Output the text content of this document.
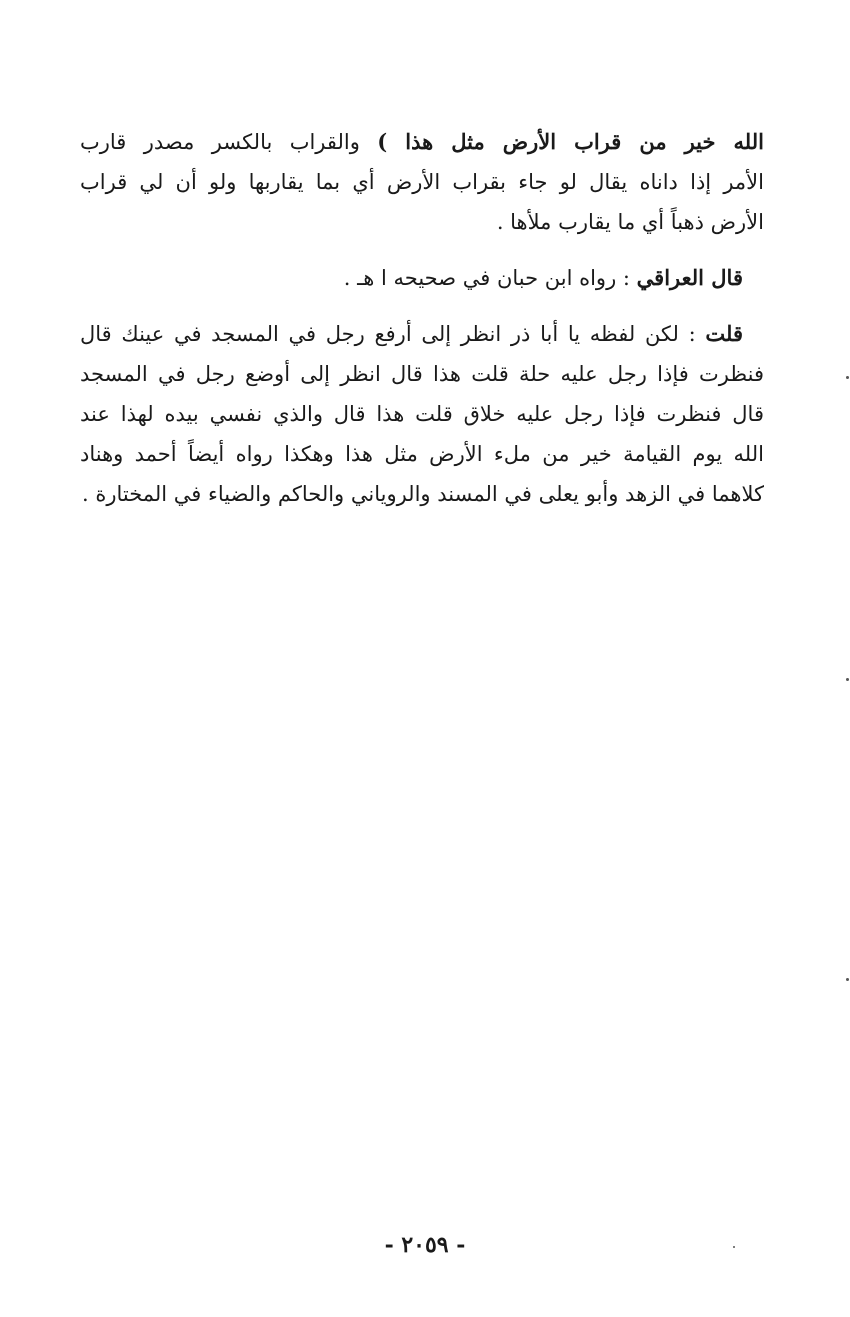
الله خير من قراب الأرض مثل هذا ) والقراب بالكسر مصدر قارب
الأمر إذا داناه يقال لو جاء بقراب الأرض أي بما يقاربها ولو أن لي قراب
الأرض ذهباً أي ما يقارب ملأها .
 قال العراقي : رواه ابن حبان في صحيحه ا هـ .
 قلت : لكن لفظه يا أبا ذر انظر إلى أرفع رجل في المسجد في عينك قال
فنظرت فإذا رجل عليه حلة قلت هذا قال انظر إلى أوضع رجل في المسجد
قال فنظرت فإذا رجل عليه خلاق قلت هذا قال والذي نفسي بيده لهذا عند
الله يوم القيامة خير من ملء الأرض مثل هذا وهكذا رواه أيضاً أحمد وهناد
كلاهما في الزهد وأبو يعلى في المسند والروياني والحاكم والضياء في المختارة .
- ٢٠٥٩ -
